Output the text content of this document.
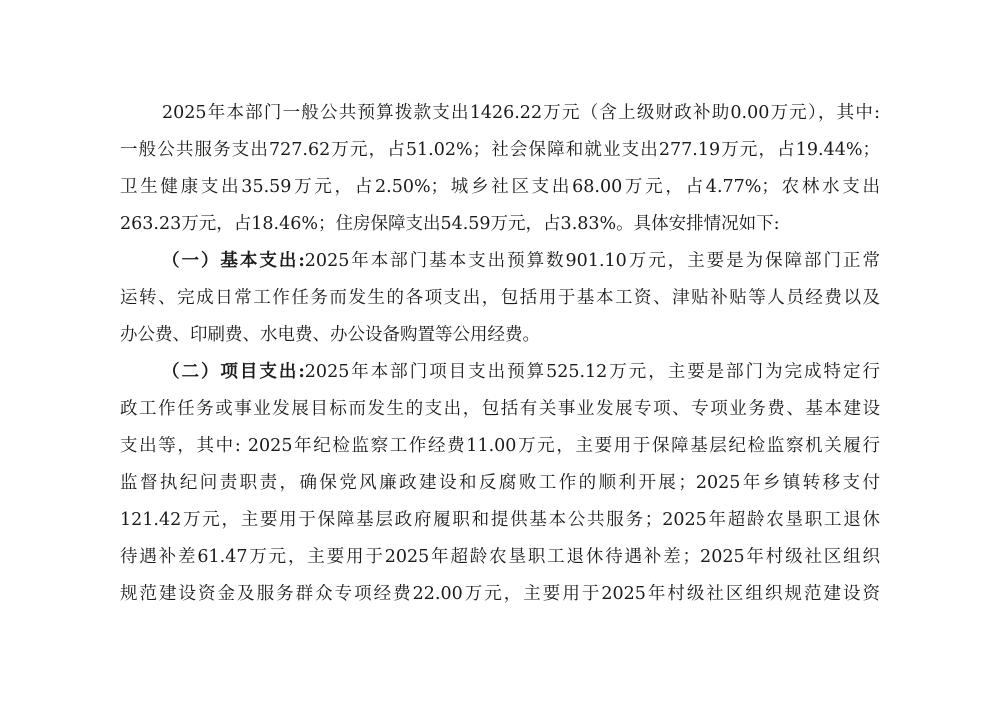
2025年本部门一般公共预算拨款支出1426.22万元（含上级财政补助0.00万元），其中:
一般公共服务支出727.62万元，占51.02%；社会保障和就业支出277.19万元，占19.44%；
卫生健康支出35.59万元，占2.50%；城乡社区支出68.00万元，占4.77%；农林水支出
263.23万元，占18.46%；住房保障支出54.59万元，占3.83%。具体安排情况如下:
（一）基本支出:2025年本部门基本支出预算数901.10万元，主要是为保障部门正常
运转、完成日常工作任务而发生的各项支出，包括用于基本工资、津贴补贴等人员经费以及
办公费、印刷费、水电费、办公设备购置等公用经费。
（二）项目支出:2025年本部门项目支出预算525.12万元，主要是部门为完成特定行
政工作任务或事业发展目标而发生的支出，包括有关事业发展专项、专项业务费、基本建设
支出等，其中: 2025年纪检监察工作经费11.00万元，主要用于保障基层纪检监察机关履行
监督执纪问责职责，确保党风廉政建设和反腐败工作的顺利开展；2025年乡镇转移支付
121.42万元，主要用于保障基层政府履职和提供基本公共服务；2025年超龄农垦职工退休
待遇补差61.47万元，主要用于2025年超龄农垦职工退休待遇补差；2025年村级社区组织
规范建设资金及服务群众专项经费22.00万元，主要用于2025年村级社区组织规范建设资
